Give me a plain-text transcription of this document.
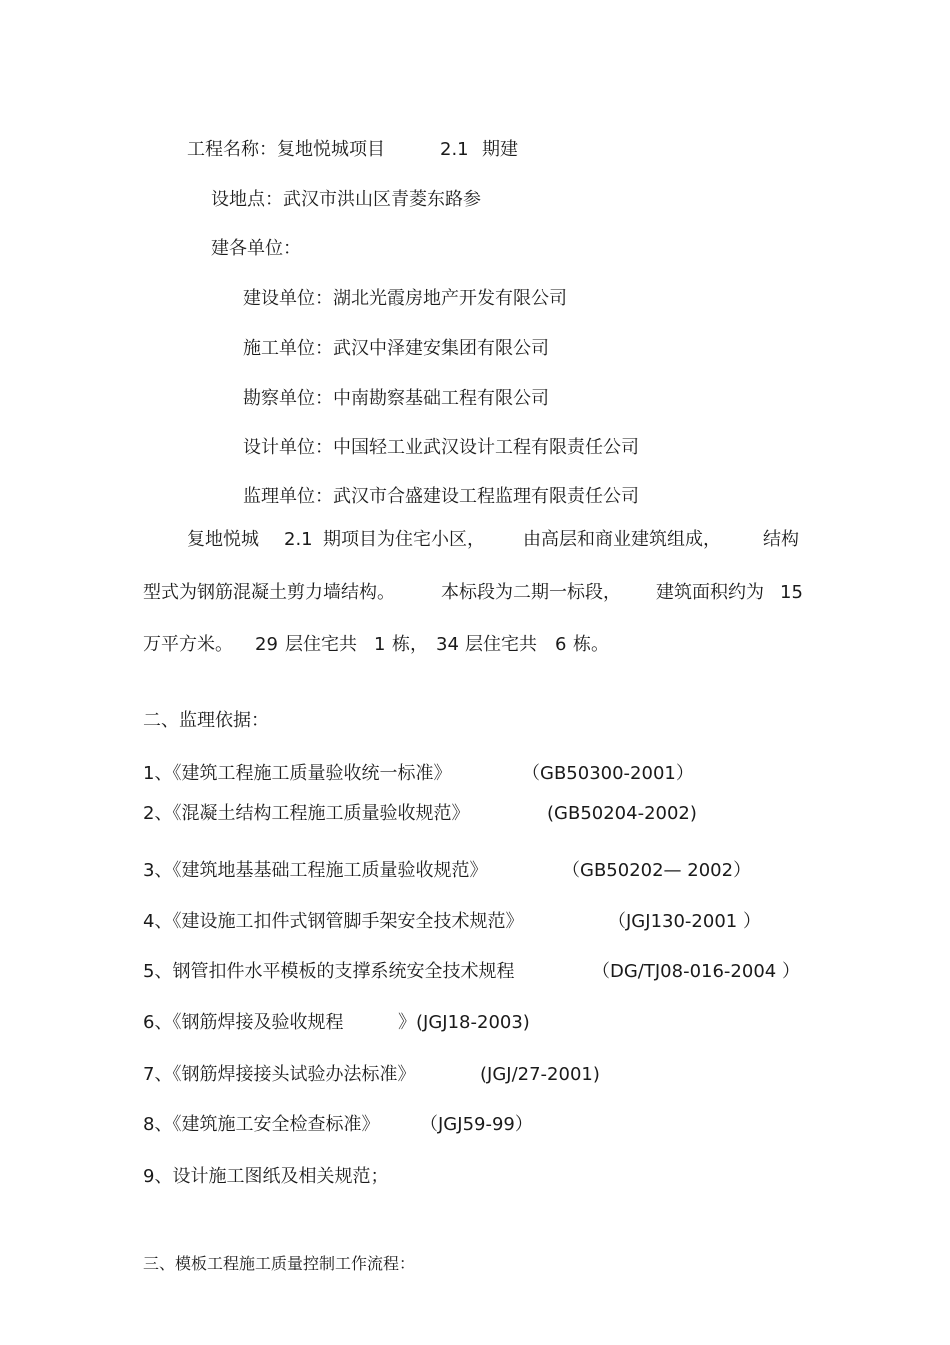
工程名称：复地悦城项目	2.1 期建
设地点：武汉市洪山区青菱东路参
建各单位：
建设单位：湖北光霞房地产开发有限公司
施工单位：武汉中泽建安集团有限公司
勘察单位：中南勘察基础工程有限公司
设计单位：中国轻工业武汉设计工程有限责任公司
监理单位：武汉市合盛建设工程监理有限责任公司
复地悦城 2.1 期项目为住宅小区， 由高层和商业建筑组成， 结构
型式为钢筋混凝土剪力墙结构。	本标段为二期一标段， 建筑面积约为 15
万平方米。 29 层住宅共 1 栋， 34 层住宅共 6 栋。
二、监理依据：
1、《建筑工程施工质量验收统一标准》	（GB50300-2001）
2、《混凝土结构工程施工质量验收规范》	(GB50204-2002)
3、《建筑地基基础工程施工质量验收规范》	（GB50202— 2002）
4、《建设施工扣件式钢管脚手架安全技术规范》	（JGJ130-2001 ）
5、钢管扣件水平模板的支撑系统安全技术规程	（DG∕TJ08-016-2004 ）
6、《钢筋焊接及验收规程	》(JGJ18-2003)
7、《钢筋焊接接头试验办法标准》	(JGJ/27-2001)
8、《建筑施工安全检查标准》 （JGJ59-99）
9、设计施工图纸及相关规范；
三、模板工程施工质量控制工作流程：
